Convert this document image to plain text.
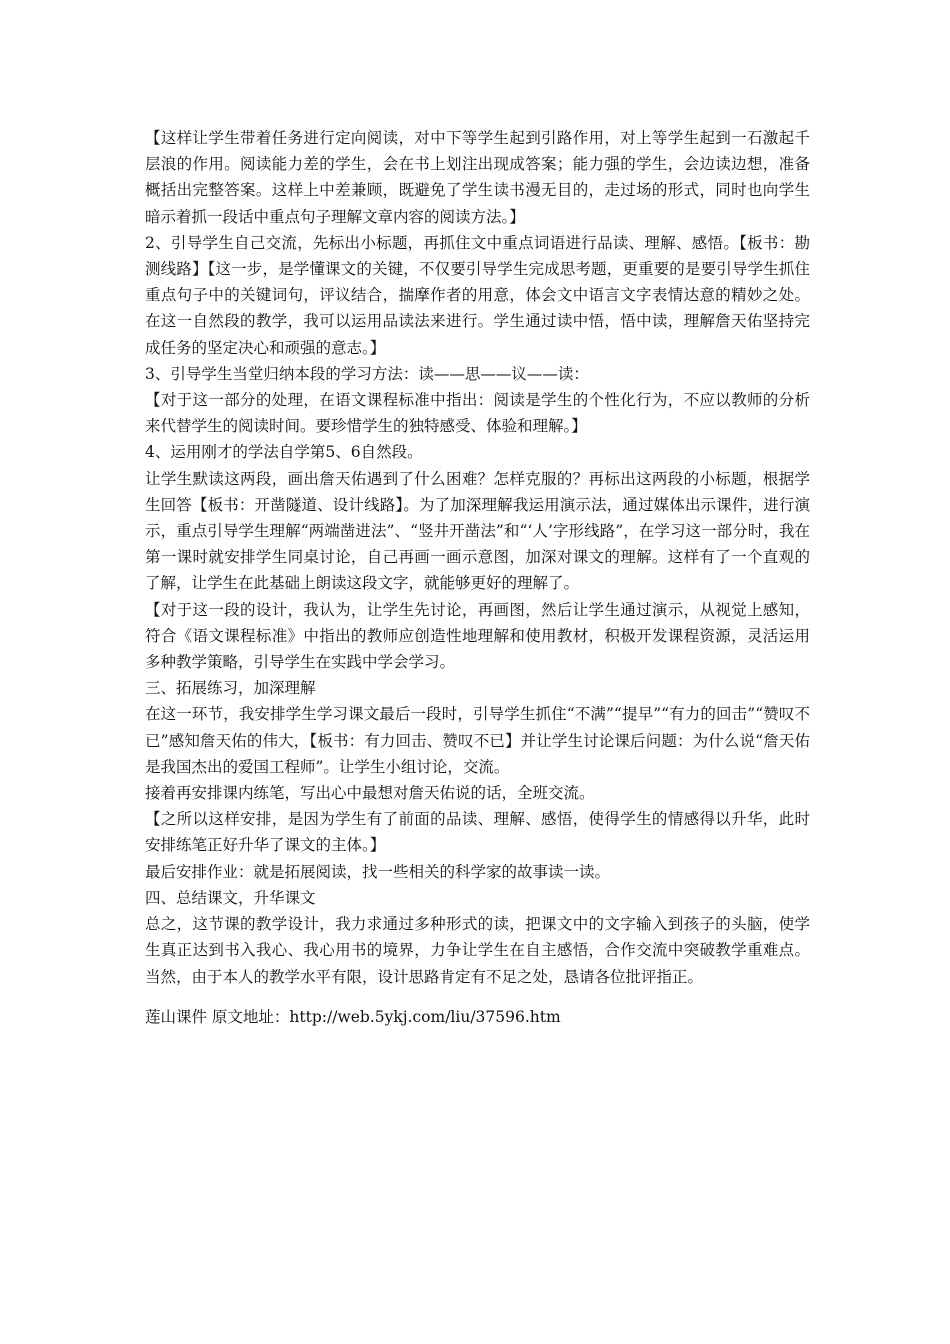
【这样让学生带着任务进行定向阅读，对中下等学生起到引路作用，对上等学生起到一石激起千层浪的作用。阅读能力差的学生，会在书上划注出现成答案；能力强的学生，会边读边想，准备概括出完整答案。这样上中差兼顾，既避免了学生读书漫无目的，走过场的形式，同时也向学生暗示着抓一段话中重点句子理解文章内容的阅读方法。】

2、引导学生自己交流，先标出小标题，再抓住文中重点词语进行品读、理解、感悟。【板书：勘测线路】【这一步，是学懂课文的关键，不仅要引导学生完成思考题，更重要的是要引导学生抓住重点句子中的关键词句，评议结合，揣摩作者的用意，体会文中语言文字表情达意的精妙之处。在这一自然段的教学，我可以运用品读法来进行。学生通过读中悟，悟中读，理解詹天佑坚持完成任务的坚定决心和顽强的意志。】

3、引导学生当堂归纳本段的学习方法：读——思——议——读：

【对于这一部分的处理，在语文课程标准中指出：阅读是学生的个性化行为，不应以教师的分析来代替学生的阅读时间。要珍惜学生的独特感受、体验和理解。】

4、运用刚才的学法自学第5、6自然段。

让学生默读这两段，画出詹天佑遇到了什么困难？怎样克服的？再标出这两段的小标题，根据学生回答【板书：开凿隧道、设计线路】。为了加深理解我运用演示法，通过媒体出示课件，进行演示，重点引导学生理解“两端凿进法”、“竖井开凿法”和“‘人’字形线路”，在学习这一部分时，我在第一课时就安排学生同桌讨论，自己再画一画示意图，加深对课文的理解。这样有了一个直观的了解，让学生在此基础上朗读这段文字，就能够更好的理解了。

【对于这一段的设计，我认为，让学生先讨论，再画图，然后让学生通过演示，从视觉上感知，符合《语文课程标准》中指出的教师应创造性地理解和使用教材，积极开发课程资源，灵活运用多种教学策略，引导学生在实践中学会学习。

三、拓展练习，加深理解

在这一环节，我安排学生学习课文最后一段时，引导学生抓住“不满”“提早”“有力的回击”“赞叹不已”感知詹天佑的伟大，【板书：有力回击、赞叹不已】并让学生讨论课后问题：为什么说“詹天佑是我国杰出的爱国工程师”。让学生小组讨论，交流。

接着再安排课内练笔，写出心中最想对詹天佑说的话，全班交流。

【之所以这样安排，是因为学生有了前面的品读、理解、感悟，使得学生的情感得以升华，此时安排练笔正好升华了课文的主体。】

最后安排作业：就是拓展阅读，找一些相关的科学家的故事读一读。

四、总结课文，升华课文

总之，这节课的教学设计，我力求通过多种形式的读，把课文中的文字输入到孩子的头脑，使学生真正达到书入我心、我心用书的境界，力争让学生在自主感悟，合作交流中突破教学重难点。当然，由于本人的教学水平有限，设计思路肯定有不足之处，恳请各位批评指正。

莲山课件 原文地址：http://web.5ykj.com/liu/37596.htm
